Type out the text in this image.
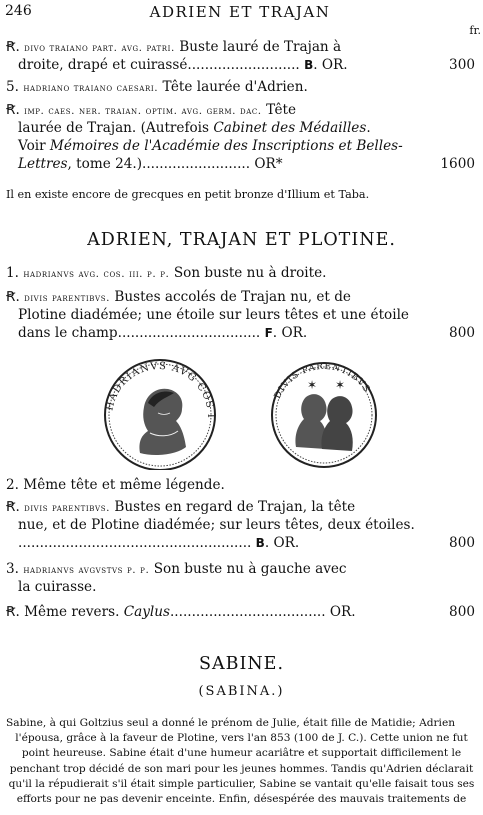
246	ADRIEN ET TRAJAN
fr.
Ꞧ. divo traiano part. avg. patri. Buste lauré de Trajan à
droite, drapé et cuirassé.......................... B. OR.	300
5. hadriano traiano caesari. Tête laurée d'Adrien.
Ꞧ. imp. caes. ner. traian. optim. avg. germ. dac. Tête
laurée de Trajan. (Autrefois Cabinet des Médailles.
Voir Mémoires de l'Académie des Inscriptions et Belles-
Lettres, tome 24.)......................... OR*	1600
Il en existe encore de grecques en petit bronze d'Illium et Taba.
ADRIEN, TRAJAN ET PLOTINE.
1. hadrianvs avg. cos. iii. p. p. Son buste nu à droite.
Ꞧ. divis parentibvs. Bustes accolés de Trajan nu, et de
Plotine diadémée; une étoile sur leurs têtes et une étoile
dans le champ................................. F. OR.	800
HADRIANVS AVG COS I
DIVIS PARENTIBVS
✶ ✶
2. Même tête et même légende.
Ꞧ. divis parentibvs. Bustes en regard de Trajan, la tête
nue, et de Plotine diadémée; sur leurs têtes, deux étoiles.
...................................................... B. OR.	800
3. hadrianvs avgvstvs p. p. Son buste nu à gauche avec
la cuirasse.
Ꞧ. Même revers. Caylus.................................... OR.	800
SABINE.
(SABINA.)
Sabine, à qui Goltzius seul a donné le prénom de Julie, était fille de Matidie; Adrien
l'épousa, grâce à la faveur de Plotine, vers l'an 853 (100 de J. C.). Cette union ne fut
point heureuse. Sabine était d'une humeur acariâtre et supportait difficilement le
penchant trop décidé de son mari pour les jeunes hommes. Tandis qu'Adrien déclarait
qu'il la répudierait s'il était simple particulier, Sabine se vantait qu'elle faisait tous ses
efforts pour ne pas devenir enceinte. Enfin, désespérée des mauvais traitements de
